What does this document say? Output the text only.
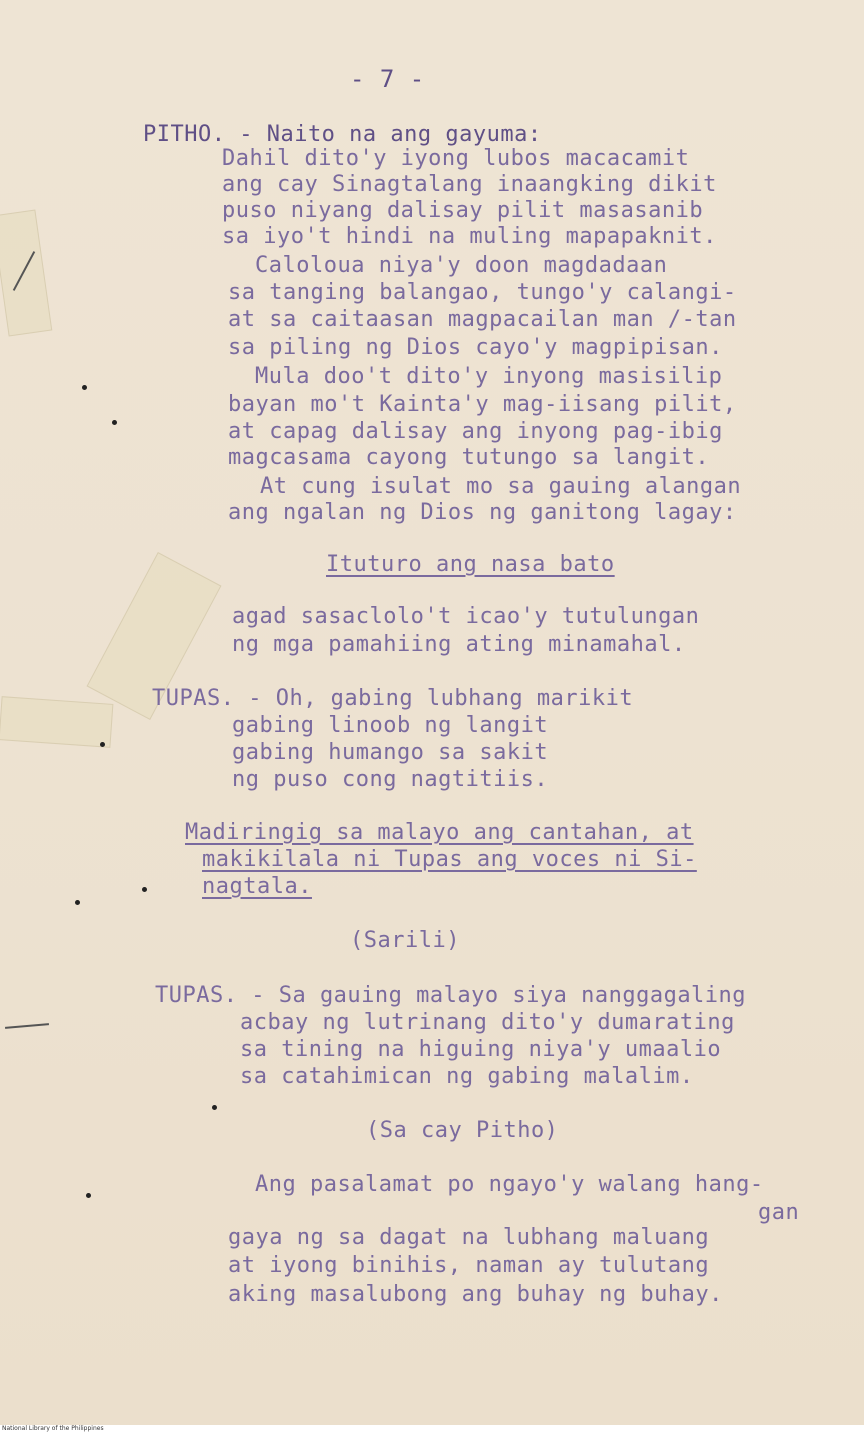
- 7 -
PITHO. - Naito na ang gayuma:
Dahil dito'y iyong lubos macacamit
ang cay Sinagtalang inaangking dikit
puso niyang dalisay pilit masasanib
sa iyo't hindi na muling mapapaknit.
Caloloua niya'y doon magdadaan
sa tanging balangao, tungo'y calangi-
at sa caitaasan magpacailan man /-tan
sa piling ng Dios cayo'y magpipisan.
Mula doo't dito'y inyong masisilip
bayan mo't Kainta'y mag-iisang pilit,
at capag dalisay ang inyong pag-ibig
magcasama cayong tutungo sa langit.
At cung isulat mo sa gauing alangan
ang ngalan ng Dios ng ganitong lagay:
Ituturo ang nasa bato
agad sasaclolo't icao'y tutulungan
ng mga pamahiing ating minamahal.
TUPAS. - Oh, gabing lubhang marikit
gabing linoob ng langit
gabing humango sa sakit
ng puso cong nagtitiis.
Madiringig sa malayo ang cantahan, at
makikilala ni Tupas ang voces ni Si-
nagtala.
(Sarili)
TUPAS. - Sa gauing malayo siya nanggagaling
acbay ng lutrinang dito'y dumarating
sa tining na higuing niya'y umaalio
sa catahimican ng gabing malalim.
(Sa cay Pitho)
Ang pasalamat po ngayo'y walang hang-
gan
gaya ng sa dagat na lubhang maluang
at iyong binihis, naman ay tulutang
aking masalubong ang buhay ng buhay.
National Library of the Philippines
